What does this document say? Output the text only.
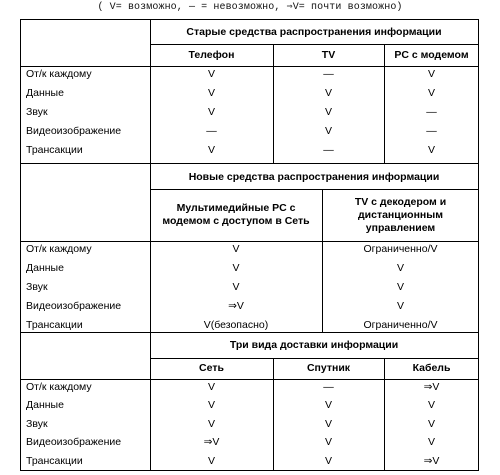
( V= возможно, — = невозможно, ⇒V= почти возможно)
Старые средства распространения информации
Телефон	TV	PC с модемом
От/к каждому	V	—	V
Данные	V	V	V
Звук	V	V	—
Видеоизображение	—	V	—
Трансакции	V	—	V
Новые средства распространения информации
Мультимедийные PC с модемом с доступом в Сеть
TV с декодером и дистанционным управлением
От/к каждому	V	Ограниченно/V
Данные	V	V
Звук	V	V
Видеоизображение	⇒V	V
Трансакции	V(безопасно)	Ограниченно/V
Три вида доставки информации
Сеть	Спутник	Кабель
От/к каждому	V	—	⇒V
Данные	V	V	V
Звук	V	V	V
Видеоизображение	⇒V	V	V
Трансакции	V	V	⇒V
